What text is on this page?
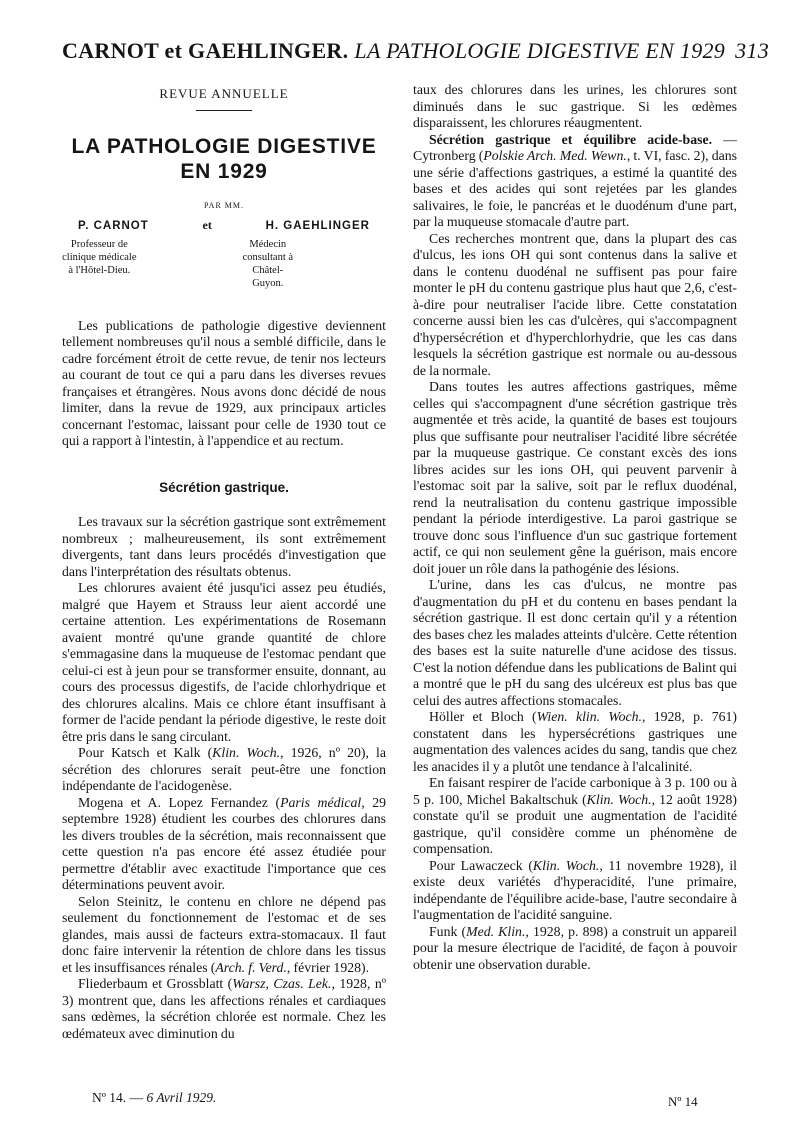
CARNOT et GAEHLINGER. LA PATHOLOGIE DIGESTIVE EN 1929 313
REVUE ANNUELLE
LA PATHOLOGIE DIGESTIVE
EN 1929
PAR MM.
P. CARNOT	et	H. GAEHLINGER
Professeur de clinique médicale
à l'Hôtel-Dieu.
Médecin consultant à Châtel-
Guyon.

Les publications de pathologie digestive deviennent tellement nombreuses qu'il nous a semblé difficile, dans le cadre forcément étroit de cette revue, de tenir nos lecteurs au courant de tout ce qui a paru dans les diverses revues françaises et étrangères. Nous avons donc décidé de nous limiter, dans la revue de 1929, aux principaux articles concernant l'estomac, laissant pour celle de 1930 tout ce qui a rapport à l'intestin, à l'appendice et au rectum.

Sécrétion gastrique.

Les travaux sur la sécrétion gastrique sont extrêmement nombreux ; malheureusement, ils sont extrêmement divergents, tant dans leurs procédés d'investigation que dans l'interprétation des résultats obtenus.

Les chlorures avaient été jusqu'ici assez peu étudiés, malgré que Hayem et Strauss leur aient accordé une certaine attention. Les expérimentations de Rosemann avaient montré qu'une grande quantité de chlore s'emmagasine dans la muqueuse de l'estomac pendant que celui-ci est à jeun pour se transformer ensuite, donnant, au cours des processus digestifs, de l'acide chlorhydrique et des chlorures alcalins. Mais ce chlore étant insuffisant à former de l'acide pendant la période digestive, le reste doit être pris dans le sang circulant.

Pour Katsch et Kalk (Klin. Woch., 1926, nº 20), la sécrétion des chlorures serait peut-être une fonction indépendante de l'acidogenèse.

Mogena et A. Lopez Fernandez (Paris médical, 29 septembre 1928) étudient les courbes des chlorures dans les divers troubles de la sécrétion, mais reconnaissent que cette question n'a pas encore été assez étudiée pour permettre d'établir avec exactitude l'importance que ces déterminations peuvent avoir.

Selon Steinitz, le contenu en chlore ne dépend pas seulement du fonctionnement de l'estomac et de ses glandes, mais aussi de facteurs extra-stomacaux. Il faut donc faire intervenir la rétention de chlore dans les tissus et les insuffisances rénales (Arch. f. Verd., février 1928).

Fliederbaum et Grossblatt (Warsz, Czas. Lek., 1928, nº 3) montrent que, dans les affections rénales et cardiaques sans œdèmes, la sécrétion chlorée est normale. Chez les œdémateux avec diminution du

taux des chlorures dans les urines, les chlorures sont diminués dans le suc gastrique. Si les œdèmes disparaissent, les chlorures réaugmentent.

Sécrétion gastrique et équilibre acide-base. — Cytronberg (Polskie Arch. Med. Wewn., t. VI, fasc. 2), dans une série d'affections gastriques, a estimé la quantité des bases et des acides qui sont rejetées par les glandes salivaires, le foie, le pancréas et le duodénum d'une part, par la muqueuse stomacale d'autre part.

Ces recherches montrent que, dans la plupart des cas d'ulcus, les ions OH qui sont contenus dans la salive et dans le contenu duodénal ne suffisent pas pour faire monter le pH du contenu gastrique plus haut que 2,6, c'est-à-dire pour neutraliser l'acide libre. Cette constatation concerne aussi bien les cas d'ulcères, qui s'accompagnent d'hypersécrétion et d'hyperchlorhydrie, que les cas dans lesquels la sécrétion gastrique est normale ou au-dessous de la normale.

Dans toutes les autres affections gastriques, même celles qui s'accompagnent d'une sécrétion gastrique très augmentée et très acide, la quantité de bases est toujours plus que suffisante pour neutraliser l'acidité libre sécrétée par la muqueuse gastrique. Ce constant excès des ions libres acides sur les ions OH, qui peuvent parvenir à l'estomac soit par la salive, soit par le reflux duodénal, rend la neutralisation du contenu gastrique impossible pendant la période interdigestive. La paroi gastrique se trouve donc sous l'influence d'un suc gastrique fortement actif, ce qui non seulement gêne la guérison, mais encore doit jouer un rôle dans la pathogénie des lésions.

L'urine, dans les cas d'ulcus, ne montre pas d'augmentation du pH et du contenu en bases pendant la sécrétion gastrique. Il est donc certain qu'il y a rétention des bases chez les malades atteints d'ulcère. Cette rétention des bases est la suite naturelle d'une acidose des tissus. C'est la notion défendue dans les publications de Balint qui a montré que le pH du sang des ulcéreux est plus bas que celui des autres affections stomacales.

Höller et Bloch (Wien. klin. Woch., 1928, p. 761) constatent dans les hypersécrétions gastriques une augmentation des valences acides du sang, tandis que chez les anacides il y a plutôt une tendance à l'alcalinité.

En faisant respirer de l'acide carbonique à 3 p. 100 ou à 5 p. 100, Michel Bakaltschuk (Klin. Woch., 12 août 1928) constate qu'il se produit une augmentation de l'acidité gastrique, qu'il considère comme un phénomène de compensation.

Pour Lawaczeck (Klin. Woch., 11 novembre 1928), il existe deux variétés d'hyperacidité, l'une primaire, indépendante de l'équilibre acide-base, l'autre secondaire à l'augmentation de l'acidité sanguine.

Funk (Med. Klin., 1928, p. 898) a construit un appareil pour la mesure électrique de l'acidité, de façon à pouvoir obtenir une observation durable.

Nº 14. — 6 Avril 1929.	Nº 14
